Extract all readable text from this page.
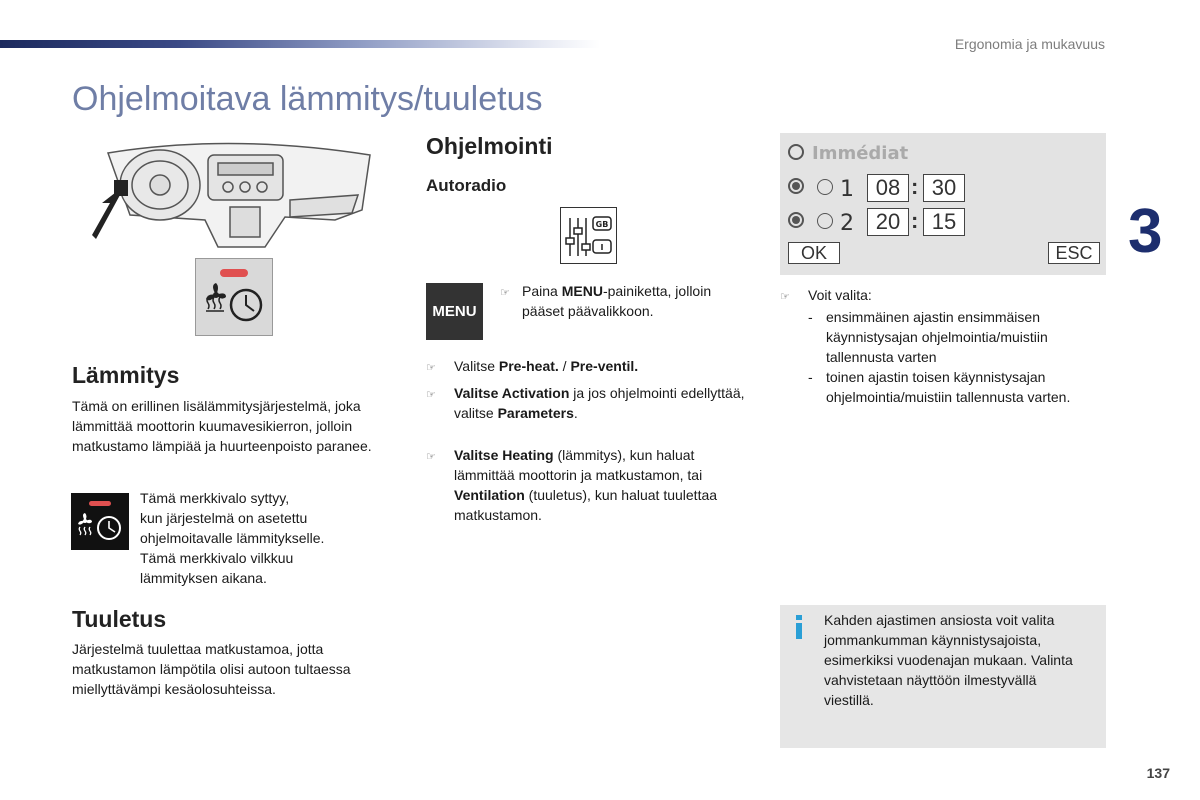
Ergonomia ja mukavuus
Ohjelmoitava lämmitys/tuuletus
3
137
Lämmitys
Tämä on erillinen lisälämmitysjärjestelmä, joka lämmittää moottorin kuumavesikierron, jolloin matkustamo lämpiää ja huurteenpoisto paranee.
Tämä merkkivalo syttyy,
kun järjestelmä on asetettu
ohjelmoitavalle lämmitykselle.
Tämä merkkivalo vilkkuu
lämmityksen aikana.
Tuuletus
Järjestelmä tuulettaa matkustamoa, jotta matkustamon lämpötila olisi autoon tultaessa miellyttävämpi kesäolosuhteissa.
Ohjelmointi
Autoradio
GB
I
MENU
☞ Paina MENU-painiketta, jolloin pääset päävalikkoon.
☞	Valitse Pre-heat. / Pre-ventil.
☞	Valitse Activation ja jos ohjelmointi edellyttää, valitse Parameters.
☞	Valitse Heating (lämmitys), kun haluat lämmittää moottorin ja matkustamon, tai Ventilation (tuuletus), kun haluat tuulettaa matkustamon.
Immédiat
1 08 : 30
2 20 : 15
OK	ESC
☞	Voit valita:
- ensimmäinen ajastin ensimmäisen käynnistysajan ohjelmointia/muistiin tallennusta varten
- toinen ajastin toisen käynnistysajan ohjelmointia/muistiin tallennusta varten.
Kahden ajastimen ansiosta voit valita jommankumman käynnistysajoista, esimerkiksi vuodenajan mukaan. Valinta vahvistetaan näyttöön ilmestyvällä viestillä.
